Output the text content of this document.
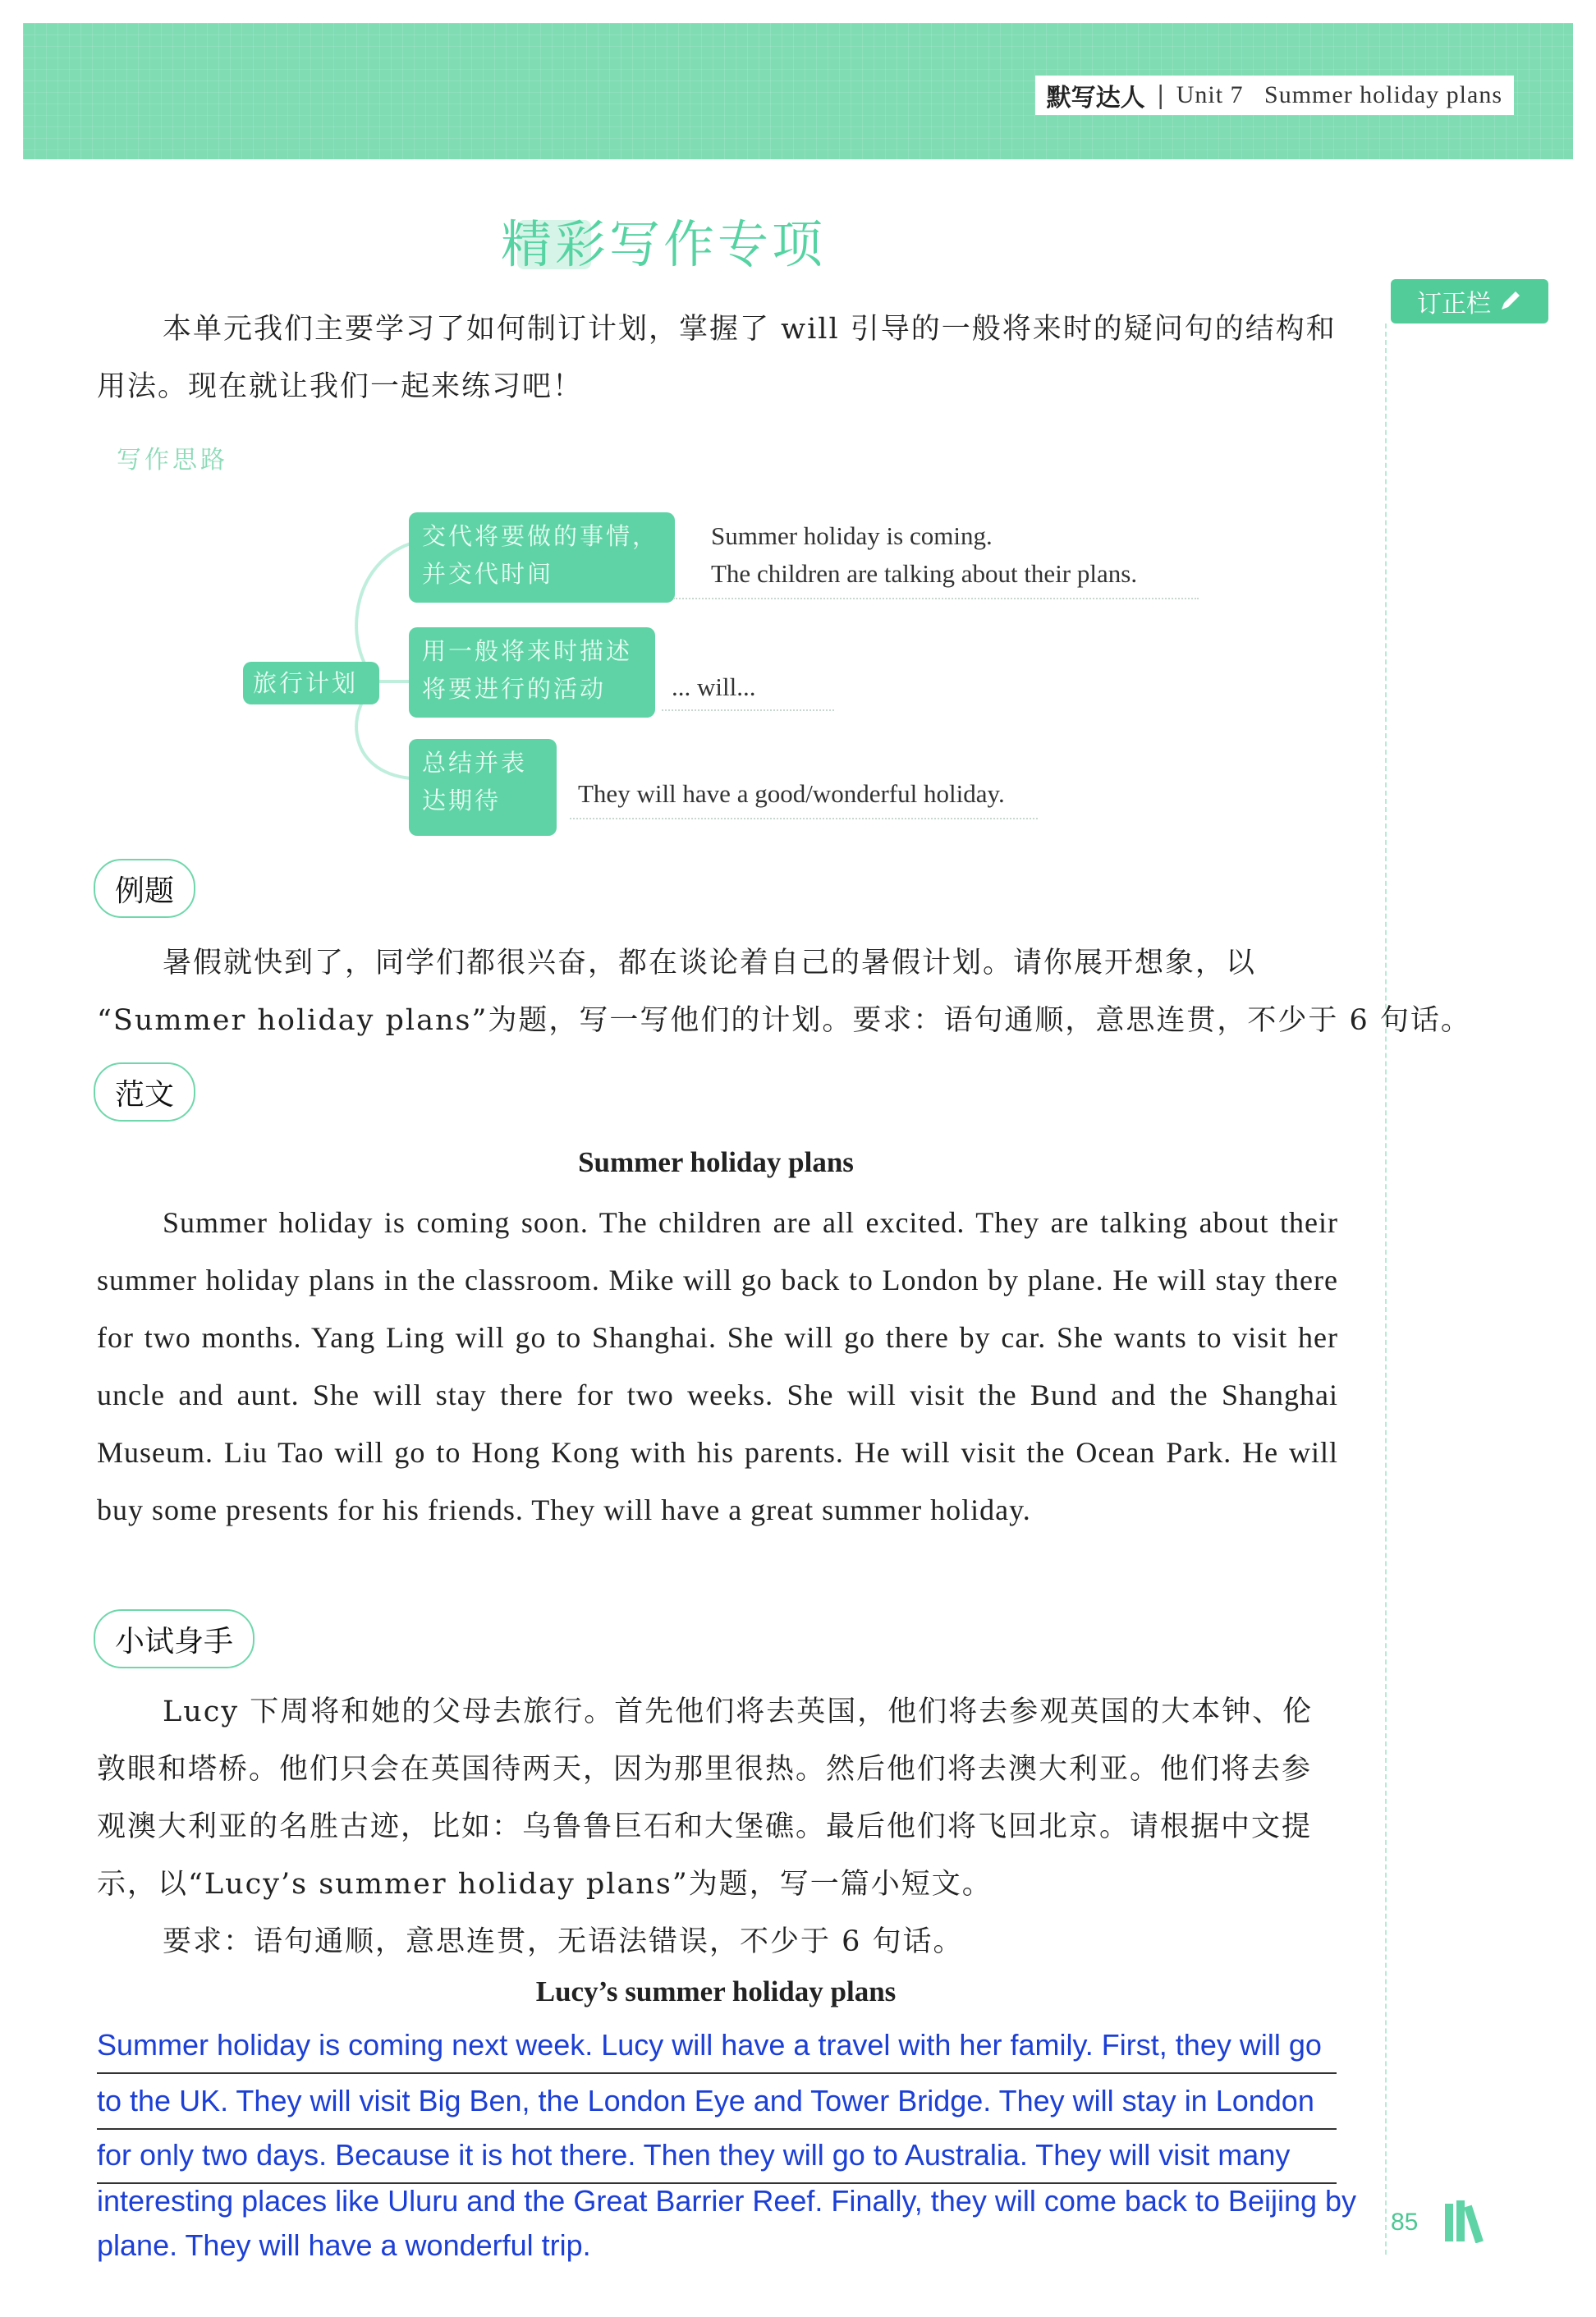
默写达人 | Unit 7   Summer holiday plans
精彩写作专项
订正栏
85
本单元我们主要学习了如何制订计划，掌握了 will 引导的一般将来时的疑问句的结构和用法。现在就让我们一起来练习吧！
写作思路
旅行计划
交代将要做的事情，并交代时间
Summer holiday is coming.
The children are talking about their plans.
用一般将来时描述将要进行的活动	... will...
总结并表达期待	They will have a good/wonderful holiday.
例题
暑假就快到了，同学们都很兴奋，都在谈论着自己的暑假计划。请你展开想象，以
“Summer holiday plans”为题，写一写他们的计划。要求：语句通顺，意思连贯，不少于 6 句话。
范文
Summer holiday plans
Summer holiday is coming soon. The children are all excited. They are talking about their summer holiday plans in the classroom. Mike will go back to London by plane. He will stay there for two months. Yang Ling will go to Shanghai. She will go there by car. She wants to visit her uncle and aunt. She will stay there for two weeks. She will visit the Bund and the Shanghai Museum. Liu Tao will go to Hong Kong with his parents. He will visit the Ocean Park. He will buy some presents for his friends. They will have a great summer holiday.
小试身手
Lucy 下周将和她的父母去旅行。首先他们将去英国，他们将去参观英国的大本钟、伦敦眼和塔桥。他们只会在英国待两天，因为那里很热。然后他们将去澳大利亚。他们将去参观澳大利亚的名胜古迹，比如：乌鲁鲁巨石和大堡礁。最后他们将飞回北京。请根据中文提示，以“Lucy’s summer holiday plans”为题，写一篇小短文。
要求：语句通顺，意思连贯，无语法错误，不少于 6 句话。
Lucy’s summer holiday plans
Summer holiday is coming next week. Lucy will have a travel with her family. First, they will go
to the UK. They will visit Big Ben, the London Eye and Tower Bridge. They will stay in London
for only two days. Because it is hot there. Then they will go to Australia. They will visit many
interesting places like Uluru and the Great Barrier Reef. Finally, they will come back to Beijing by
plane. They will have a wonderful trip.
